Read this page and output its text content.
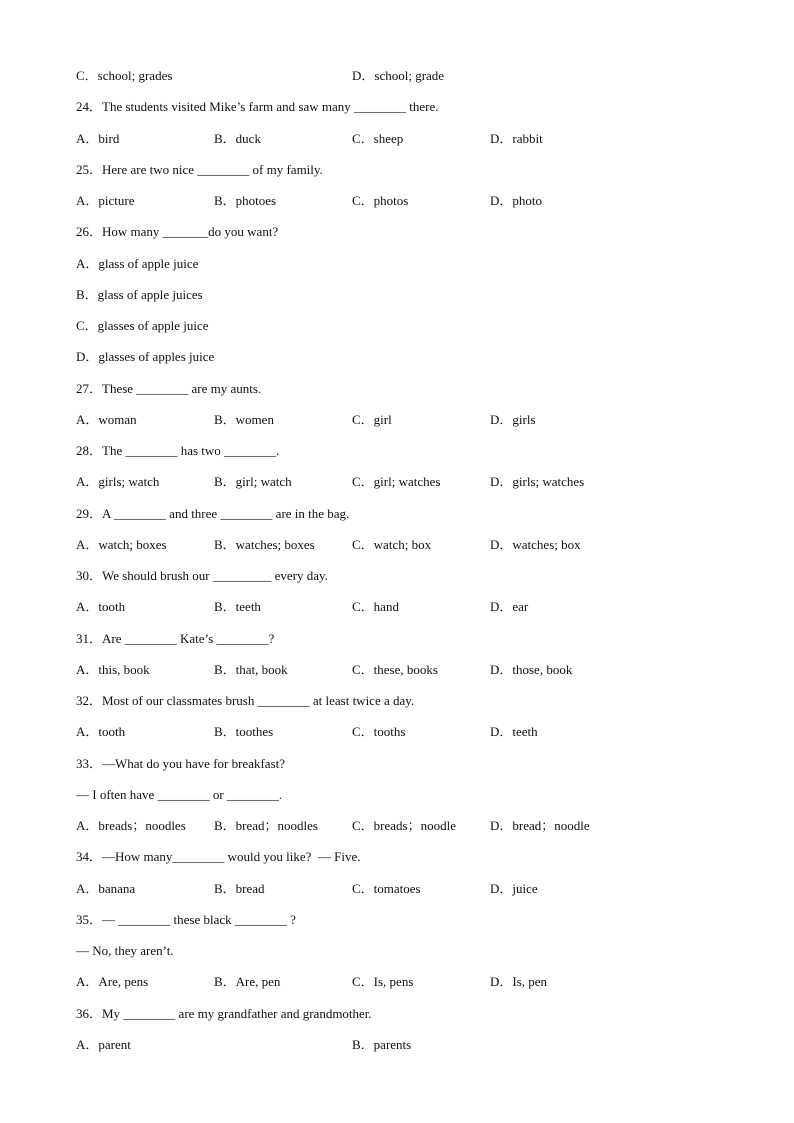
C．school; grades	D．school; grade
24．The students visited Mike’s farm and saw many ________ there.
A．bird	B．duck	C．sheep	D．rabbit
25．Here are two nice ________ of my family.
A．picture	B．photoes	C．photos	D．photo
26．How many _______do you want?
A．glass of apple juice
B．glass of apple juices
C．glasses of apple juice
D．glasses of apples juice
27．These ________ are my aunts.
A．woman	B．women	C．girl	D．girls
28．The ________ has two ________.
A．girls; watch	B．girl; watch	C．girl; watches	D．girls; watches
29．A ________ and three ________ are in the bag.
A．watch; boxes	B．watches; boxes	C．watch; box	D．watches; box
30．We should brush our _________ every day.
A．tooth	B．teeth	C．hand	D．ear
31．Are ________ Kate’s ________?
A．this, book	B．that, book	C．these, books	D．those, book
32．Most of our classmates brush ________ at least twice a day.
A．tooth	B．toothes	C．tooths	D．teeth
33．—What do you have for breakfast?
— I often have ________ or ________.
A．breads；noodles B．bread；noodles	C．breads；noodle	D．bread；noodle
34．—How many________ would you like?  — Five.
A．banana	B．bread	C．tomatoes	D．juice
35．— ________ these black ________ ?
— No, they aren’t.
A．Are, pens	B．Are, pen	C．Is, pens	D．Is, pen
36．My ________ are my grandfather and grandmother.
A．parent	B．parents
